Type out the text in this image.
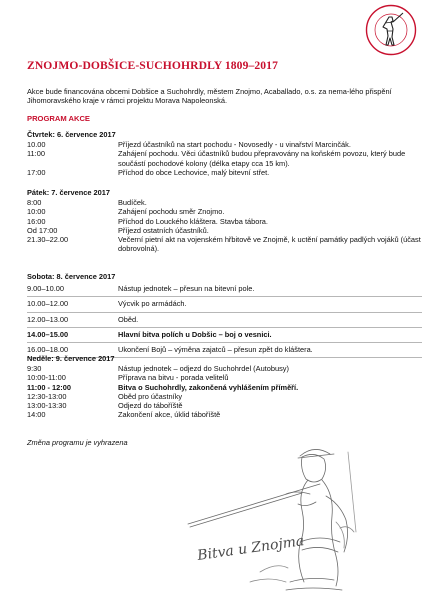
ZNOJMO-DOBŠICE-SUCHOHRDLY 1809–2017
Akce bude financována obcemi Dobšice a Suchohrdly, městem Znojmo, Acaballado, o.s. za nema-lého přispění Jihomoravského kraje v rámci projektu Morava Napoleonská.
PROGRAM AKCE
Čtvrtek: 6. července 2017
10.00	Příjezd účastníků na start pochodu - Novosedly - u vinařství Marcinčák.
11:00	Zahájení pochodu. Věci účastníků budou přepravovány na koňském povozu, který bude součástí pochodové kolony (délka etapy cca 15 km).
17:00	Příchod do obce Lechovice, malý bitevní střet.
Pátek: 7. července 2017
8:00	Budíček.
10:00	Zahájení pochodu směr Znojmo.
16:00	Příchod do Louckého kláštera. Stavba tábora.
Od 17:00	Příjezd ostatních účastníků.
21.30–22.00	Večerní pietní akt na vojenském hřbitově ve Znojmě, k uctění památky padlých vojáků (účast dobrovolná).
Sobota: 8. července 2017
9.00–10.00	Nástup jednotek – přesun na bitevní pole.
10.00–12.00	Výcvik po armádách.
12.00–13.00	Oběd.
14.00–15.00	Hlavní bitva polích u Dobšic – boj o vesnici.
16.00–18.00	Ukončení Bojů – výměna zajatců – přesun zpět do kláštera.
Neděle: 9. července 2017
9:30	Nástup jednotek – odjezd do Suchohrdel (Autobusy)
10:00-11:00	Příprava na bitvu - porada velitelů
11:00 - 12:00	Bitva o Suchohrdly, zakončená vyhlášením příměří.
12:30-13:00	Oběd pro účastníky
13:00-13:30	Odjezd do táboříště
14:00	Zakončení akce, úklid táboříště
Změna programu je vyhrazena
Bitva u Znojma
